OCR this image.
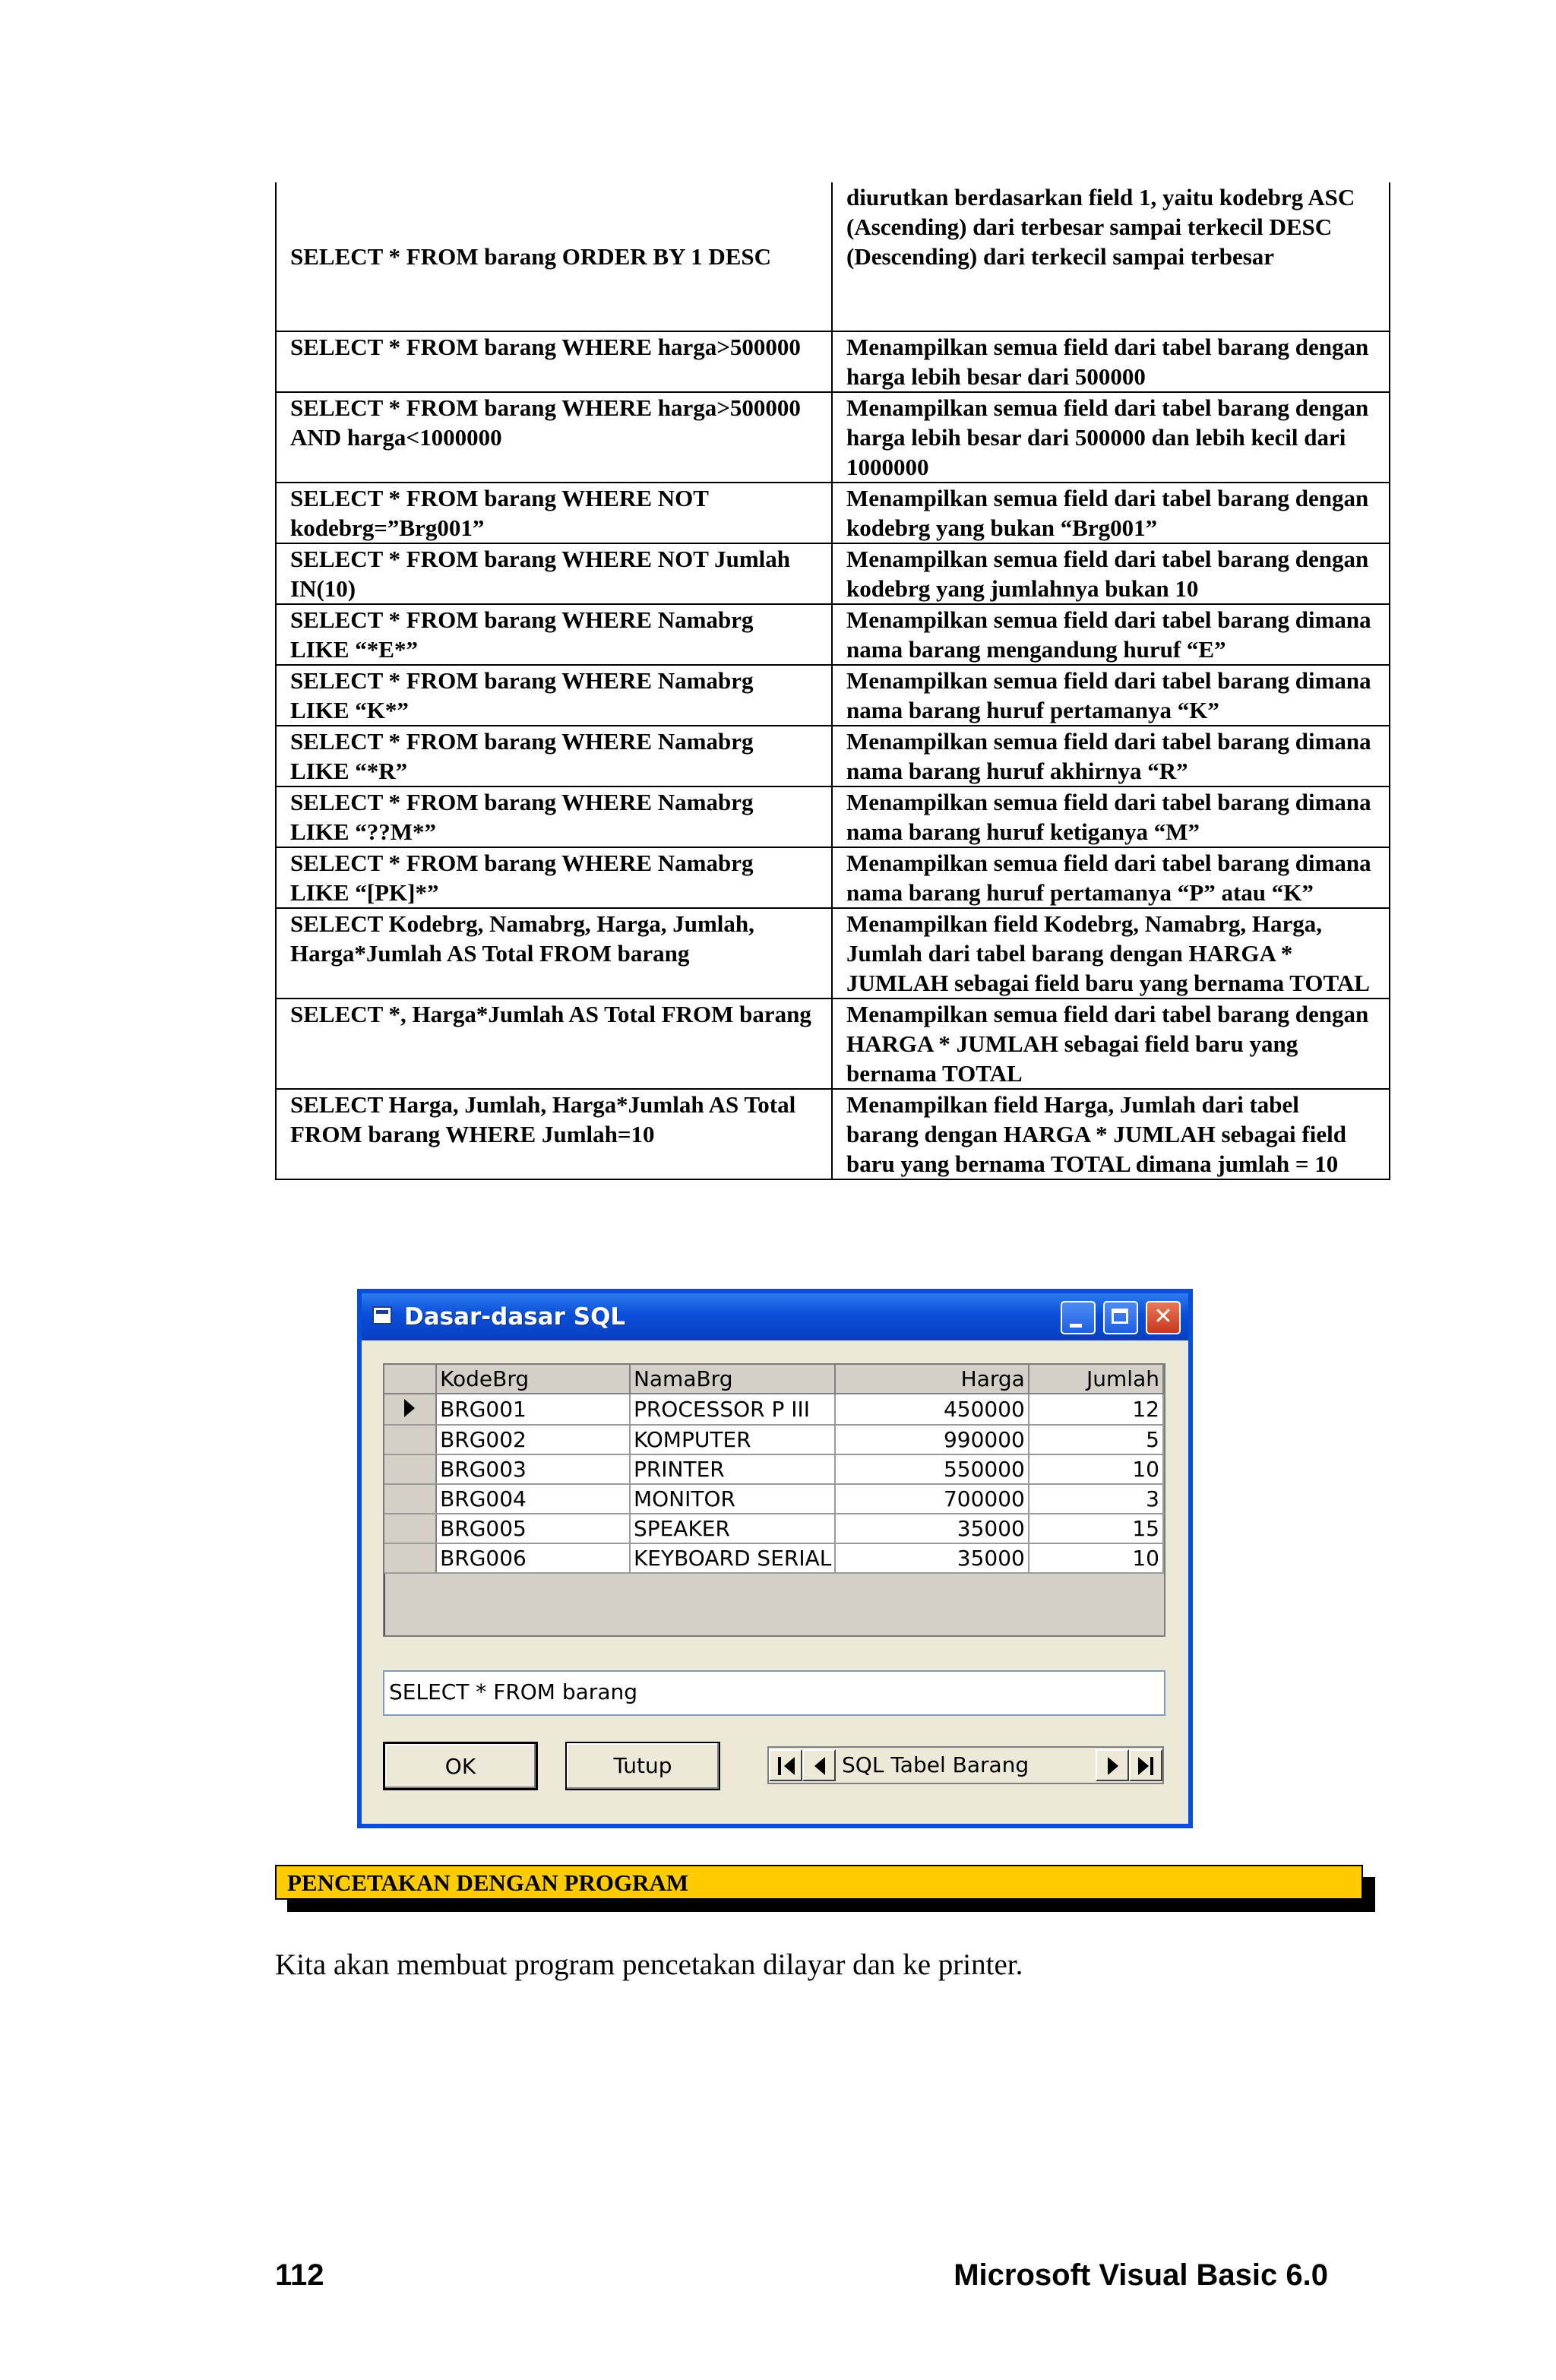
SELECT * FROM barang ORDER BY 1 DESC	diurutkan berdasarkan field 1, yaitu kodebrg ASC (Ascending) dari terbesar sampai terkecil DESC (Descending) dari terkecil sampai terbesar
SELECT * FROM barang WHERE harga>500000	Menampilkan semua field dari tabel barang dengan harga lebih besar dari 500000
SELECT * FROM barang WHERE harga>500000 AND harga<1000000	Menampilkan semua field dari tabel barang dengan harga lebih besar dari 500000 dan lebih kecil dari 1000000
SELECT * FROM barang WHERE NOT kodebrg=”Brg001”	Menampilkan semua field dari tabel barang dengan kodebrg yang bukan “Brg001”
SELECT * FROM barang WHERE NOT Jumlah IN(10)	Menampilkan semua field dari tabel barang dengan kodebrg yang jumlahnya bukan 10
SELECT * FROM barang WHERE Namabrg LIKE “*E*”	Menampilkan semua field dari tabel barang dimana nama barang mengandung huruf “E”
SELECT * FROM barang WHERE Namabrg LIKE “K*”	Menampilkan semua field dari tabel barang dimana nama barang huruf pertamanya “K”
SELECT * FROM barang WHERE Namabrg LIKE “*R”	Menampilkan semua field dari tabel barang dimana nama barang huruf akhirnya “R”
SELECT * FROM barang WHERE Namabrg LIKE “??M*”	Menampilkan semua field dari tabel barang dimana nama barang huruf ketiganya “M”
SELECT * FROM barang WHERE Namabrg LIKE “[PK]*”	Menampilkan semua field dari tabel barang dimana nama barang huruf pertamanya “P” atau “K”
SELECT Kodebrg, Namabrg, Harga, Jumlah, Harga*Jumlah AS Total FROM barang	Menampilkan field Kodebrg, Namabrg, Harga, Jumlah dari tabel barang dengan HARGA * JUMLAH sebagai field baru yang bernama TOTAL
SELECT *, Harga*Jumlah AS Total FROM barang	Menampilkan semua field dari tabel barang dengan HARGA * JUMLAH sebagai field baru yang bernama TOTAL
SELECT Harga, Jumlah, Harga*Jumlah AS Total FROM barang WHERE Jumlah=10	Menampilkan field Harga, Jumlah dari tabel barang dengan HARGA * JUMLAH sebagai field baru yang bernama TOTAL dimana jumlah = 10
Dasar-dasar SQL	✕
	KodeBrg	NamaBrg	Harga	Jumlah
	BRG001	PROCESSOR P III	450000	12
	BRG002	KOMPUTER	990000	5
	BRG003	PRINTER	550000	10
	BRG004	MONITOR	700000	3
	BRG005	SPEAKER	35000	15
	BRG006	KEYBOARD SERIAL	35000	10
SELECT * FROM barang
OK	Tutup	SQL Tabel Barang
PENCETAKAN DENGAN PROGRAM
Kita akan membuat program pencetakan dilayar dan ke printer.
112	Microsoft Visual Basic 6.0
